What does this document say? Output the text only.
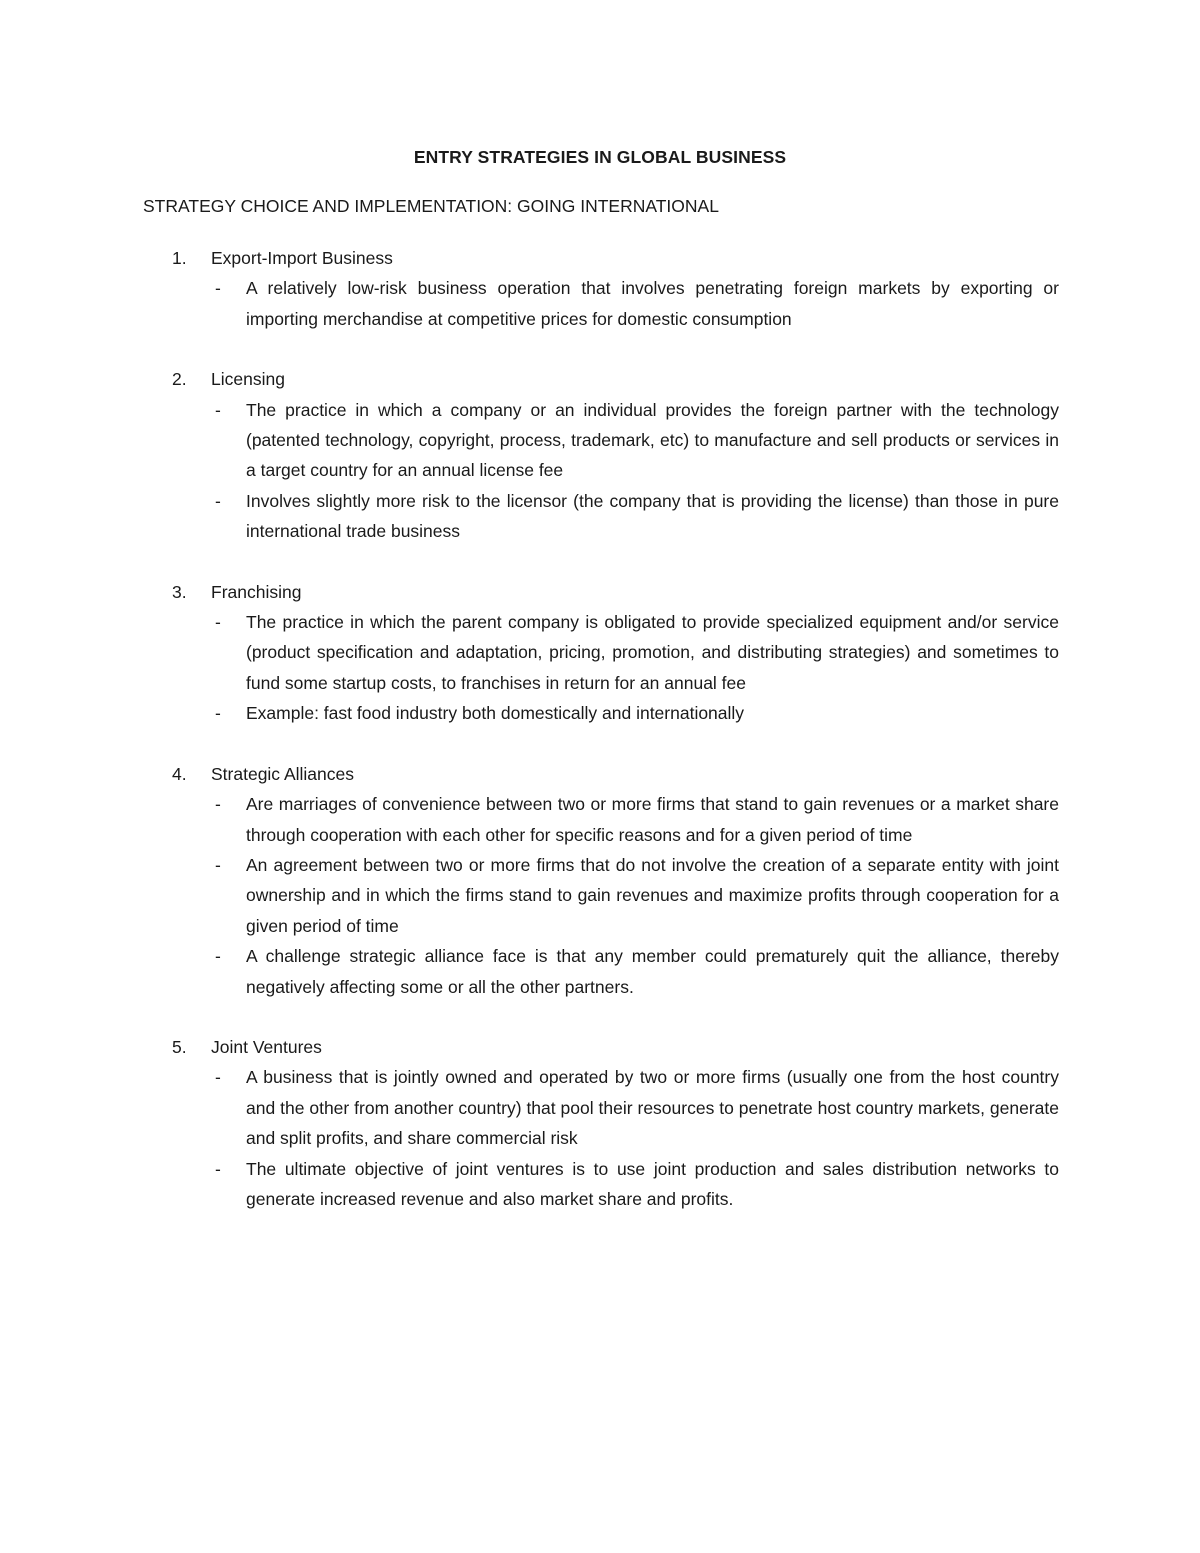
ENTRY STRATEGIES IN GLOBAL BUSINESS
STRATEGY CHOICE AND IMPLEMENTATION: GOING INTERNATIONAL
1.	Export-Import Business
-	A relatively low-risk business operation that involves penetrating foreign markets by exporting or importing merchandise at competitive prices for domestic consumption
2.	Licensing
-	The practice in which a company or an individual provides the foreign partner with the technology (patented technology, copyright, process, trademark, etc) to manufacture and sell products or services in a target country for an annual license fee
-	Involves slightly more risk to the licensor (the company that is providing the license) than those in pure international trade business
3.	Franchising
-	The practice in which the parent company is obligated to provide specialized equipment and/or service (product specification and adaptation, pricing, promotion, and distributing strategies) and sometimes to fund some startup costs, to franchises in return for an annual fee
-	Example: fast food industry both domestically and internationally
4.	Strategic Alliances
-	Are marriages of convenience between two or more firms that stand to gain revenues or a market share through cooperation with each other for specific reasons and for a given period of time
-	An agreement between two or more firms that do not involve the creation of a separate entity with joint ownership and in which the firms stand to gain revenues and maximize profits through cooperation for a given period of time
-	A challenge strategic alliance face is that any member could prematurely quit the alliance, thereby negatively affecting some or all the other partners.
5.	Joint Ventures
-	A business that is jointly owned and operated by two or more firms (usually one from the host country and the other from another country) that pool their resources to penetrate host country markets, generate and split profits, and share commercial risk
-	The ultimate objective of joint ventures is to use joint production and sales distribution networks to generate increased revenue and also market share and profits.
